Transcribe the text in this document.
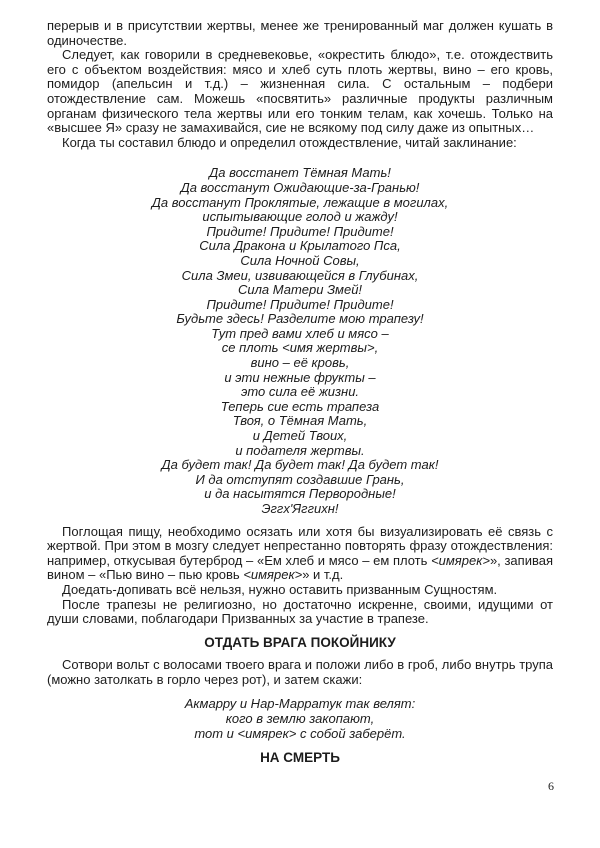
перерыв и в присутствии жертвы, менее же тренированный маг должен кушать в одиночестве.

Следует, как говорили в средневековье, «окрестить блюдо», т.е. отождествить его с объектом воздействия: мясо и хлеб суть плоть жертвы, вино – его кровь, помидор (апельсин и т.д.) – жизненная сила. С остальным – подбери отождествление сам. Можешь «посвятить» различные продукты различным органам физического тела жертвы или его тонким телам, как хочешь. Только на «высшее Я» сразу не замахивайся, сие не всякому под силу даже из опытных…

Когда ты составил блюдо и определил отождествление, читай заклинание:

Да восстанет Тёмная Мать!
Да восстанут Ожидающие-за-Гранью!
Да восстанут Проклятые, лежащие в могилах,
испытывающие голод и жажду!
Придите! Придите! Придите!
Сила Дракона и Крылатого Пса,
Сила Ночной Совы,
Сила Змеи, извивающейся в Глубинах,
Сила Матери Змей!
Придите! Придите! Придите!
Будьте здесь! Разделите мою трапезу!
Тут пред вами хлеб и мясо –
се плоть <имя жертвы>,
вино – её кровь,
и эти нежные фрукты –
это сила её жизни.
Теперь сие есть трапеза
Твоя, о Тёмная Мать,
и Детей Твоих,
и подателя жертвы.
Да будет так! Да будет так! Да будет так!
И да отступят создавшие Грань,
и да насытятся Первородные!
Эггх'Яггихн!

Поглощая пищу, необходимо осязать или хотя бы визуализировать её связь с жертвой. При этом в мозгу следует непрестанно повторять фразу отождествления: например, откусывая бутерброд – «Ем хлеб и мясо – ем плоть <имярек>», запивая вином – «Пью вино – пью кровь <имярек>» и т.д.

Доедать-допивать всё нельзя, нужно оставить призванным Сущностям.

После трапезы не религиозно, но достаточно искренне, своими, идущими от души словами, поблагодари Призванных за участие в трапезе.

ОТДАТЬ ВРАГА ПОКОЙНИКУ

Сотвори вольт с волосами твоего врага и положи либо в гроб, либо внутрь трупа (можно затолкать в горло через рот), и затем скажи:

Акмарру и Нар-Марратук так велят:
кого в землю закопают,
тот и <имярек> с собой заберёт.
НА СМЕРТЬ
6
